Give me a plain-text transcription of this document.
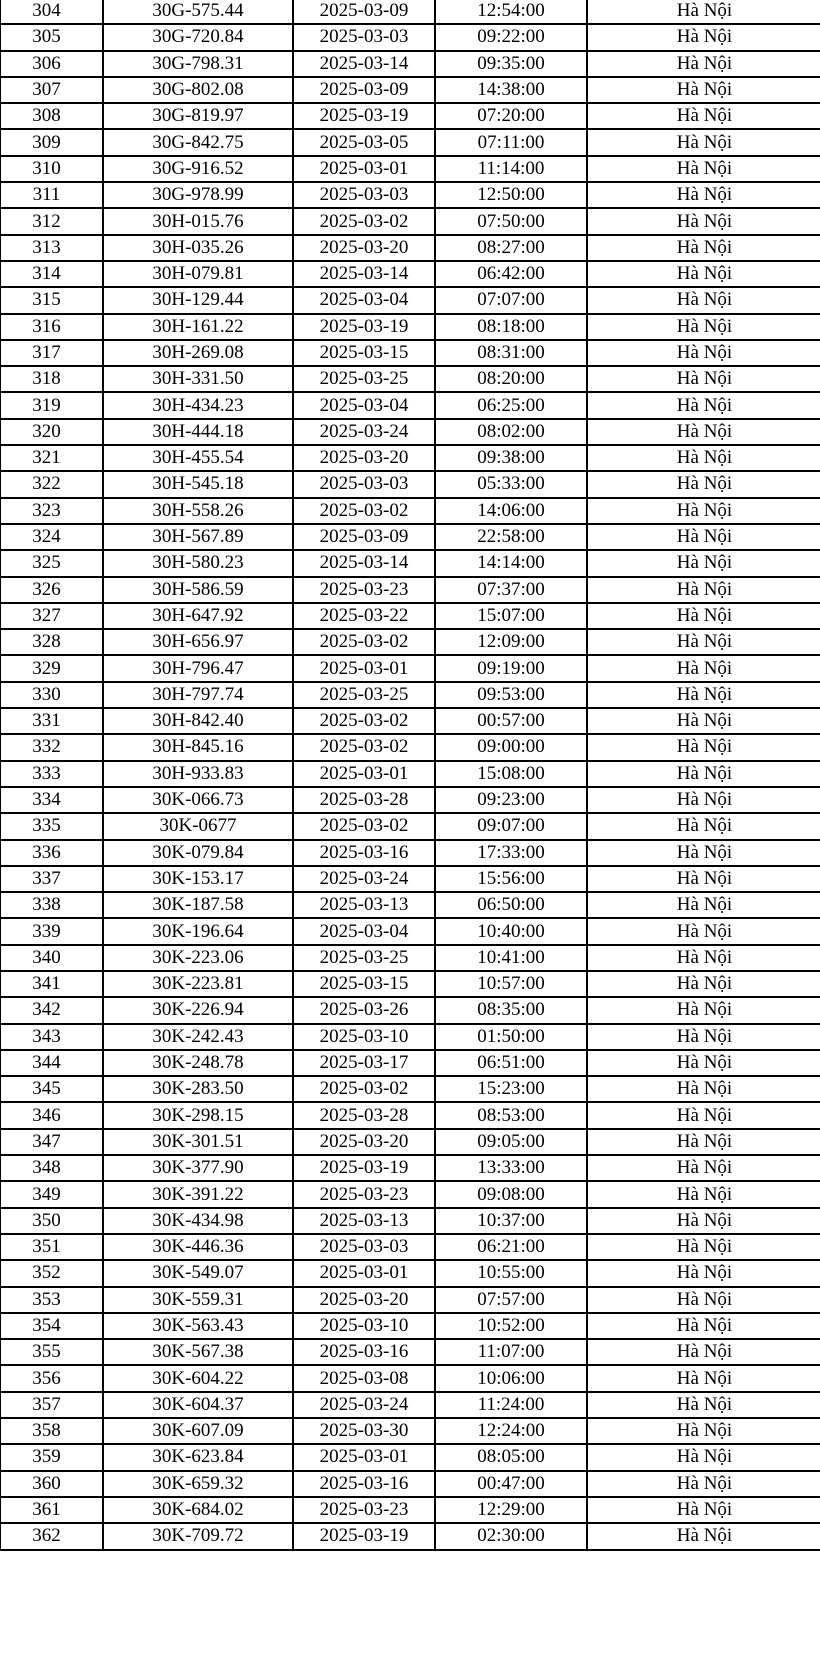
304	30G-575.44	2025-03-09	12:54:00	Hà Nội
305	30G-720.84	2025-03-03	09:22:00	Hà Nội
306	30G-798.31	2025-03-14	09:35:00	Hà Nội
307	30G-802.08	2025-03-09	14:38:00	Hà Nội
308	30G-819.97	2025-03-19	07:20:00	Hà Nội
309	30G-842.75	2025-03-05	07:11:00	Hà Nội
310	30G-916.52	2025-03-01	11:14:00	Hà Nội
311	30G-978.99	2025-03-03	12:50:00	Hà Nội
312	30H-015.76	2025-03-02	07:50:00	Hà Nội
313	30H-035.26	2025-03-20	08:27:00	Hà Nội
314	30H-079.81	2025-03-14	06:42:00	Hà Nội
315	30H-129.44	2025-03-04	07:07:00	Hà Nội
316	30H-161.22	2025-03-19	08:18:00	Hà Nội
317	30H-269.08	2025-03-15	08:31:00	Hà Nội
318	30H-331.50	2025-03-25	08:20:00	Hà Nội
319	30H-434.23	2025-03-04	06:25:00	Hà Nội
320	30H-444.18	2025-03-24	08:02:00	Hà Nội
321	30H-455.54	2025-03-20	09:38:00	Hà Nội
322	30H-545.18	2025-03-03	05:33:00	Hà Nội
323	30H-558.26	2025-03-02	14:06:00	Hà Nội
324	30H-567.89	2025-03-09	22:58:00	Hà Nội
325	30H-580.23	2025-03-14	14:14:00	Hà Nội
326	30H-586.59	2025-03-23	07:37:00	Hà Nội
327	30H-647.92	2025-03-22	15:07:00	Hà Nội
328	30H-656.97	2025-03-02	12:09:00	Hà Nội
329	30H-796.47	2025-03-01	09:19:00	Hà Nội
330	30H-797.74	2025-03-25	09:53:00	Hà Nội
331	30H-842.40	2025-03-02	00:57:00	Hà Nội
332	30H-845.16	2025-03-02	09:00:00	Hà Nội
333	30H-933.83	2025-03-01	15:08:00	Hà Nội
334	30K-066.73	2025-03-28	09:23:00	Hà Nội
335	30K-0677	2025-03-02	09:07:00	Hà Nội
336	30K-079.84	2025-03-16	17:33:00	Hà Nội
337	30K-153.17	2025-03-24	15:56:00	Hà Nội
338	30K-187.58	2025-03-13	06:50:00	Hà Nội
339	30K-196.64	2025-03-04	10:40:00	Hà Nội
340	30K-223.06	2025-03-25	10:41:00	Hà Nội
341	30K-223.81	2025-03-15	10:57:00	Hà Nội
342	30K-226.94	2025-03-26	08:35:00	Hà Nội
343	30K-242.43	2025-03-10	01:50:00	Hà Nội
344	30K-248.78	2025-03-17	06:51:00	Hà Nội
345	30K-283.50	2025-03-02	15:23:00	Hà Nội
346	30K-298.15	2025-03-28	08:53:00	Hà Nội
347	30K-301.51	2025-03-20	09:05:00	Hà Nội
348	30K-377.90	2025-03-19	13:33:00	Hà Nội
349	30K-391.22	2025-03-23	09:08:00	Hà Nội
350	30K-434.98	2025-03-13	10:37:00	Hà Nội
351	30K-446.36	2025-03-03	06:21:00	Hà Nội
352	30K-549.07	2025-03-01	10:55:00	Hà Nội
353	30K-559.31	2025-03-20	07:57:00	Hà Nội
354	30K-563.43	2025-03-10	10:52:00	Hà Nội
355	30K-567.38	2025-03-16	11:07:00	Hà Nội
356	30K-604.22	2025-03-08	10:06:00	Hà Nội
357	30K-604.37	2025-03-24	11:24:00	Hà Nội
358	30K-607.09	2025-03-30	12:24:00	Hà Nội
359	30K-623.84	2025-03-01	08:05:00	Hà Nội
360	30K-659.32	2025-03-16	00:47:00	Hà Nội
361	30K-684.02	2025-03-23	12:29:00	Hà Nội
362	30K-709.72	2025-03-19	02:30:00	Hà Nội
